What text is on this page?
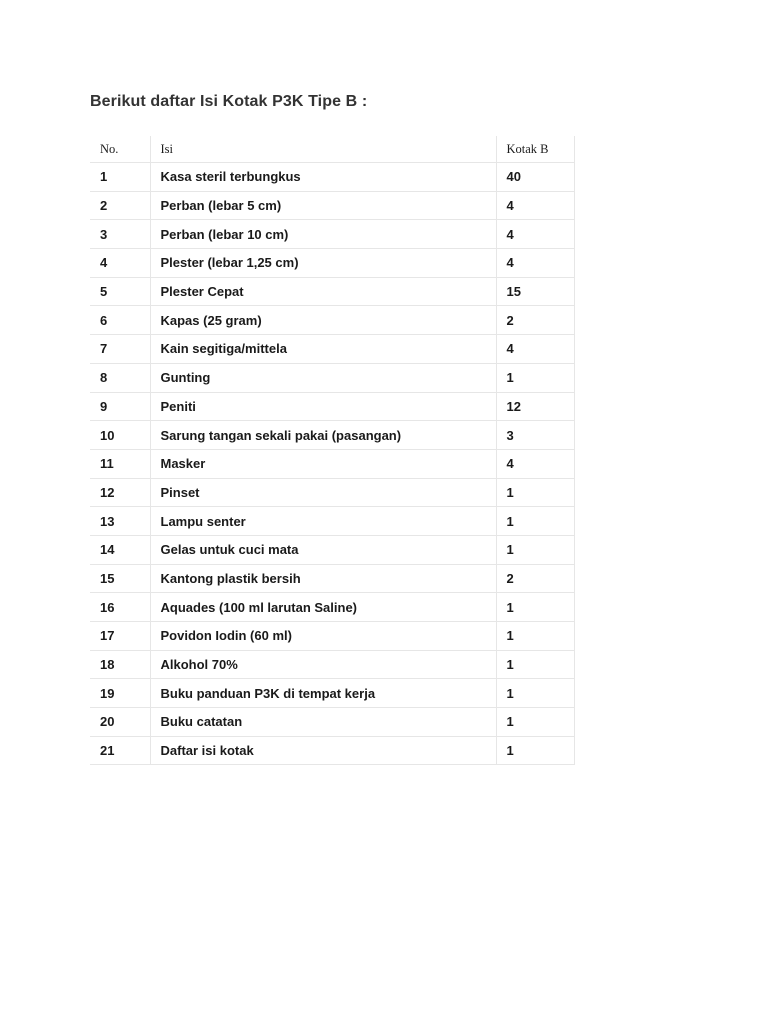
Berikut daftar Isi Kotak P3K Tipe B :
No.	Isi	Kotak B
1	Kasa steril terbungkus	40
2	Perban (lebar 5 cm)	4
3	Perban (lebar 10 cm)	4
4	Plester (lebar 1,25 cm)	4
5	Plester Cepat	15
6	Kapas (25 gram)	2
7	Kain segitiga/mittela	4
8	Gunting	1
9	Peniti	12
10	Sarung tangan sekali pakai (pasangan)	3
11	Masker	4
12	Pinset	1
13	Lampu senter	1
14	Gelas untuk cuci mata	1
15	Kantong plastik bersih	2
16	Aquades (100 ml larutan Saline)	1
17	Povidon Iodin (60 ml)	1
18	Alkohol 70%	1
19	Buku panduan P3K di tempat kerja	1
20	Buku catatan	1
21	Daftar isi kotak	1
